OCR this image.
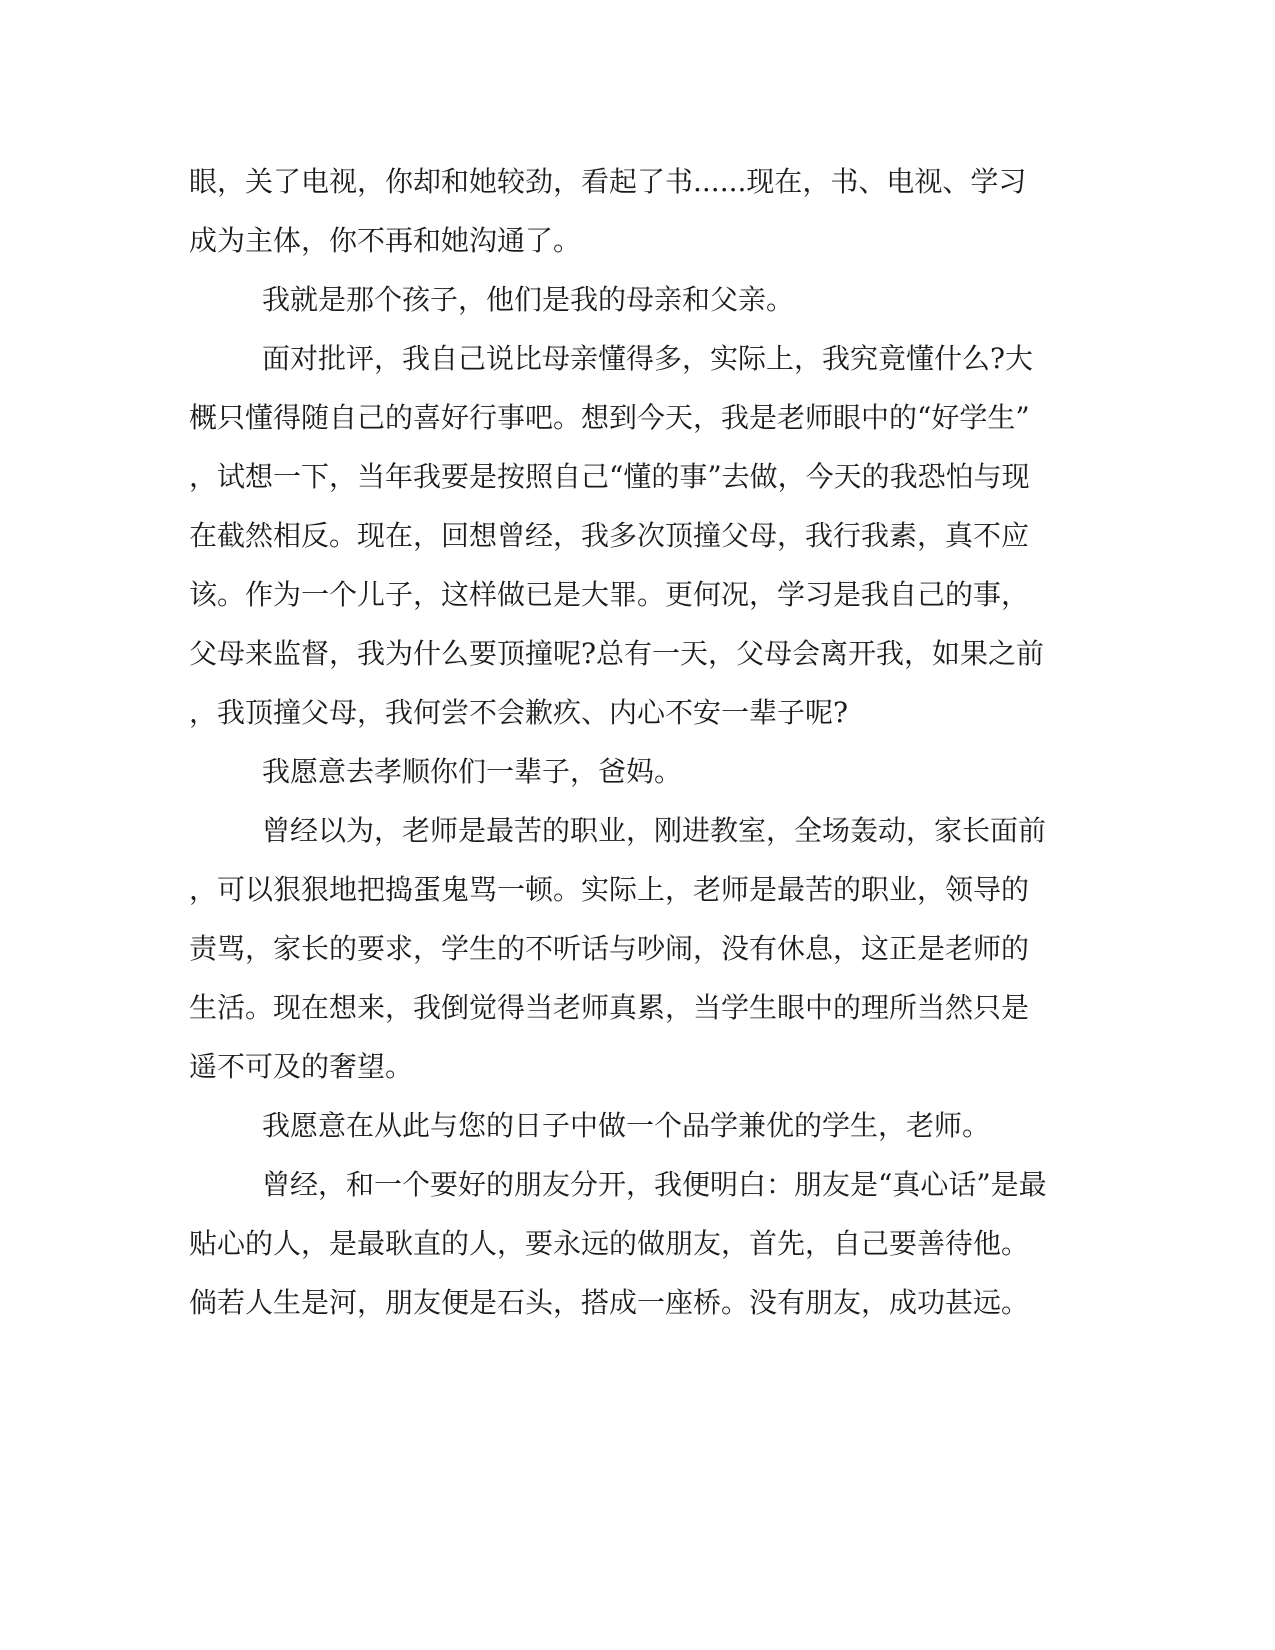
眼，关了电视，你却和她较劲，看起了书......现在，书、电视、学习
成为主体，你不再和她沟通了。
我就是那个孩子，他们是我的母亲和父亲。
面对批评，我自己说比母亲懂得多，实际上，我究竟懂什么?大
概只懂得随自己的喜好行事吧。想到今天，我是老师眼中的“好学生”
，试想一下，当年我要是按照自己“懂的事”去做，今天的我恐怕与现
在截然相反。现在，回想曾经，我多次顶撞父母，我行我素，真不应
该。作为一个儿子，这样做已是大罪。更何况，学习是我自己的事，
父母来监督，我为什么要顶撞呢?总有一天，父母会离开我，如果之前
，我顶撞父母，我何尝不会歉疚、内心不安一辈子呢?
我愿意去孝顺你们一辈子，爸妈。
曾经以为，老师是最苦的职业，刚进教室，全场轰动，家长面前
，可以狠狠地把捣蛋鬼骂一顿。实际上，老师是最苦的职业，领导的
责骂，家长的要求，学生的不听话与吵闹，没有休息，这正是老师的
生活。现在想来，我倒觉得当老师真累，当学生眼中的理所当然只是
遥不可及的奢望。
我愿意在从此与您的日子中做一个品学兼优的学生，老师。
曾经，和一个要好的朋友分开，我便明白：朋友是“真心话”是最
贴心的人，是最耿直的人，要永远的做朋友，首先，自己要善待他。
倘若人生是河，朋友便是石头，搭成一座桥。没有朋友，成功甚远。
